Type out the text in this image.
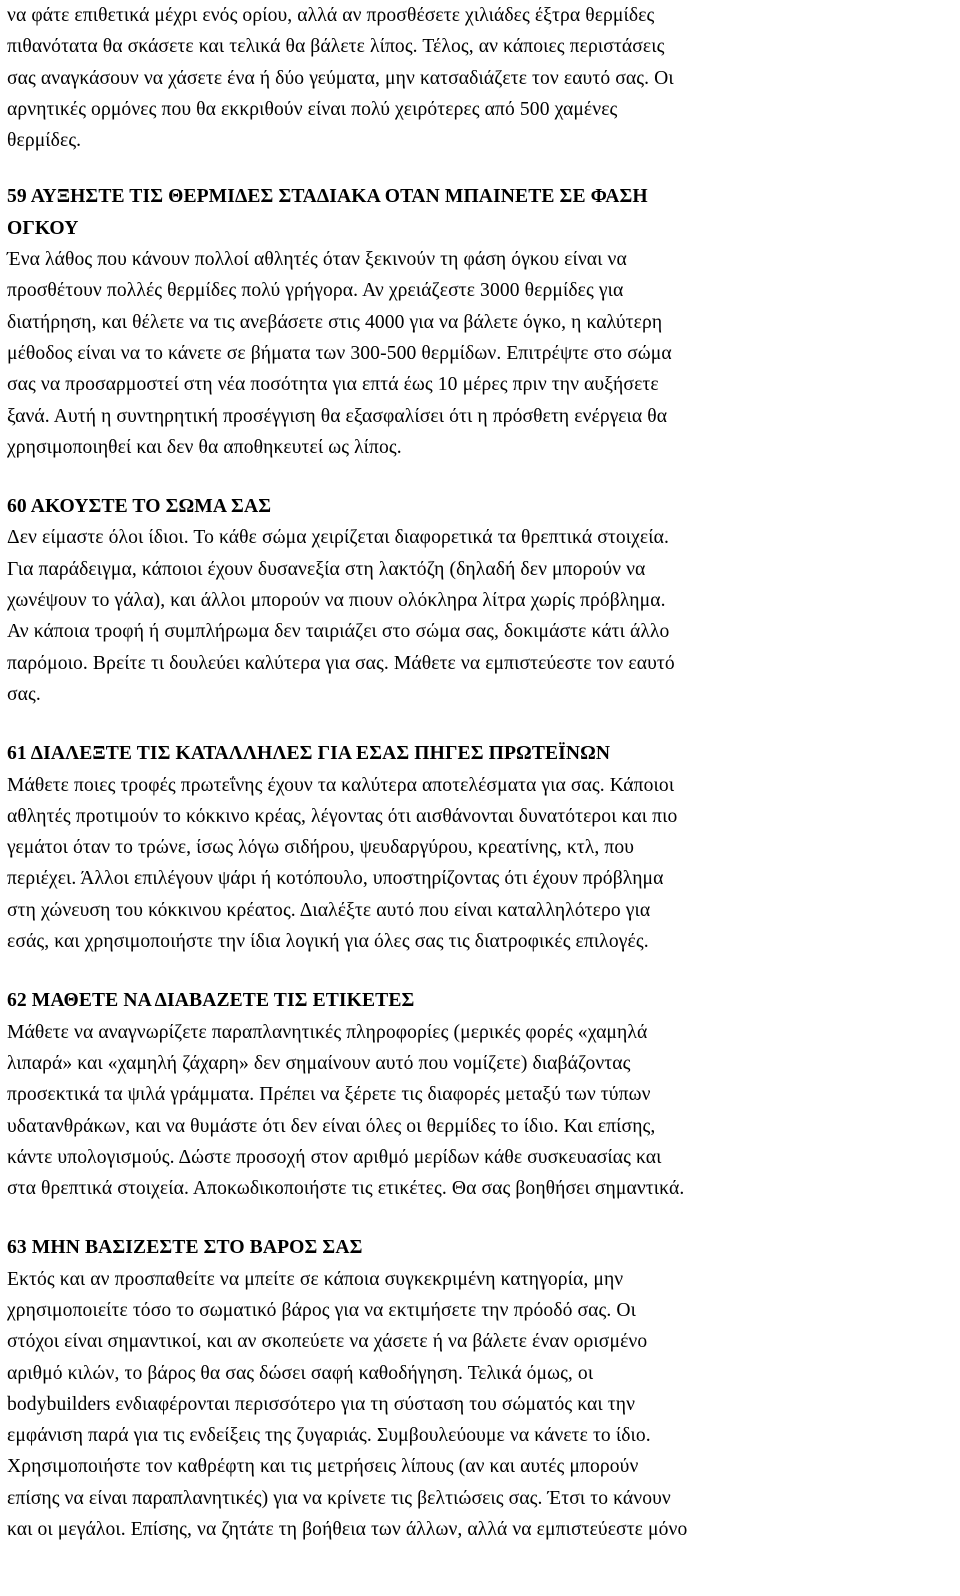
να φάτε επιθετικά μέχρι ενός ορίου, αλλά αν προσθέσετε χιλιάδες έξτρα θερμίδες
πιθανότατα θα σκάσετε και τελικά θα βάλετε λίπος. Τέλος, αν κάποιες περιστάσεις
σας αναγκάσουν να χάσετε ένα ή δύο γεύματα, μην κατσαδιάζετε τον εαυτό σας. Οι
αρνητικές ορμόνες που θα εκκριθούν είναι πολύ χειρότερες από 500 χαμένες
θερμίδες.
59 ΑΥΞΗΣΤΕ ΤΙΣ ΘΕΡΜΙΔΕΣ ΣΤΑΔΙΑΚΑ ΟΤΑΝ ΜΠΑΙΝΕΤΕ ΣΕ ΦΑΣΗ
ΟΓΚΟΥ
Ένα λάθος που κάνουν πολλοί αθλητές όταν ξεκινούν τη φάση όγκου είναι να
προσθέτουν πολλές θερμίδες πολύ γρήγορα. Αν χρειάζεστε 3000 θερμίδες για
διατήρηση, και θέλετε να τις ανεβάσετε στις 4000 για να βάλετε όγκο, η καλύτερη
μέθοδος είναι να το κάνετε σε βήματα των 300-500 θερμίδων. Επιτρέψτε στο σώμα
σας να προσαρμοστεί στη νέα ποσότητα για επτά έως 10 μέρες πριν την αυξήσετε
ξανά. Αυτή η συντηρητική προσέγγιση θα εξασφαλίσει ότι η πρόσθετη ενέργεια θα
χρησιμοποιηθεί και δεν θα αποθηκευτεί ως λίπος.
60 ΑΚΟΥΣΤΕ ΤΟ ΣΩΜΑ ΣΑΣ
Δεν είμαστε όλοι ίδιοι. Το κάθε σώμα χειρίζεται διαφορετικά τα θρεπτικά στοιχεία.
Για παράδειγμα, κάποιοι έχουν δυσανεξία στη λακτόζη (δηλαδή δεν μπορούν να
χωνέψουν το γάλα), και άλλοι μπορούν να πιουν ολόκληρα λίτρα χωρίς πρόβλημα.
Αν κάποια τροφή ή συμπλήρωμα δεν ταιριάζει στο σώμα σας, δοκιμάστε κάτι άλλο
παρόμοιο. Βρείτε τι δουλεύει καλύτερα για σας. Μάθετε να εμπιστεύεστε τον εαυτό
σας.
61 ΔΙΑΛΕΞΤΕ ΤΙΣ ΚΑΤΑΛΛΗΛΕΣ ΓΙΑ ΕΣΑΣ ΠΗΓΕΣ ΠΡΩΤΕΪΝΩΝ
Μάθετε ποιες τροφές πρωτεΐνης έχουν τα καλύτερα αποτελέσματα για σας. Κάποιοι
αθλητές προτιμούν το κόκκινο κρέας, λέγοντας ότι αισθάνονται δυνατότεροι και πιο
γεμάτοι όταν το τρώνε, ίσως λόγω σιδήρου, ψευδαργύρου, κρεατίνης, κτλ, που
περιέχει. Άλλοι επιλέγουν ψάρι ή κοτόπουλο, υποστηρίζοντας ότι έχουν πρόβλημα
στη χώνευση του κόκκινου κρέατος. Διαλέξτε αυτό που είναι καταλληλότερο για
εσάς, και χρησιμοποιήστε την ίδια λογική για όλες σας τις διατροφικές επιλογές.
62 ΜΑΘΕΤΕ ΝΑ ΔΙΑΒΑΖΕΤΕ ΤΙΣ ΕΤΙΚΕΤΕΣ
Μάθετε να αναγνωρίζετε παραπλανητικές πληροφορίες (μερικές φορές «χαμηλά
λιπαρά» και «χαμηλή ζάχαρη» δεν σημαίνουν αυτό που νομίζετε) διαβάζοντας
προσεκτικά τα ψιλά γράμματα. Πρέπει να ξέρετε τις διαφορές μεταξύ των τύπων
υδατανθράκων, και να θυμάστε ότι δεν είναι όλες οι θερμίδες το ίδιο. Και επίσης,
κάντε υπολογισμούς. Δώστε προσοχή στον αριθμό μερίδων κάθε συσκευασίας και
στα θρεπτικά στοιχεία. Αποκωδικοποιήστε τις ετικέτες. Θα σας βοηθήσει σημαντικά.
63 ΜΗΝ ΒΑΣΙΖΕΣΤΕ ΣΤΟ ΒΑΡΟΣ ΣΑΣ
Εκτός και αν προσπαθείτε να μπείτε σε κάποια συγκεκριμένη κατηγορία, μην
χρησιμοποιείτε τόσο το σωματικό βάρος για να εκτιμήσετε την πρόοδό σας. Οι
στόχοι είναι σημαντικοί, και αν σκοπεύετε να χάσετε ή να βάλετε έναν ορισμένο
αριθμό κιλών, το βάρος θα σας δώσει σαφή καθοδήγηση. Τελικά όμως, οι
bodybuilders ενδιαφέρονται περισσότερο για τη σύσταση του σώματός και την
εμφάνιση παρά για τις ενδείξεις της ζυγαριάς. Συμβουλεύουμε να κάνετε το ίδιο.
Χρησιμοποιήστε τον καθρέφτη και τις μετρήσεις λίπους (αν και αυτές μπορούν
επίσης να είναι παραπλανητικές) για να κρίνετε τις βελτιώσεις σας. Έτσι το κάνουν
και οι μεγάλοι. Επίσης, να ζητάτε τη βοήθεια των άλλων, αλλά να εμπιστεύεστε μόνο
